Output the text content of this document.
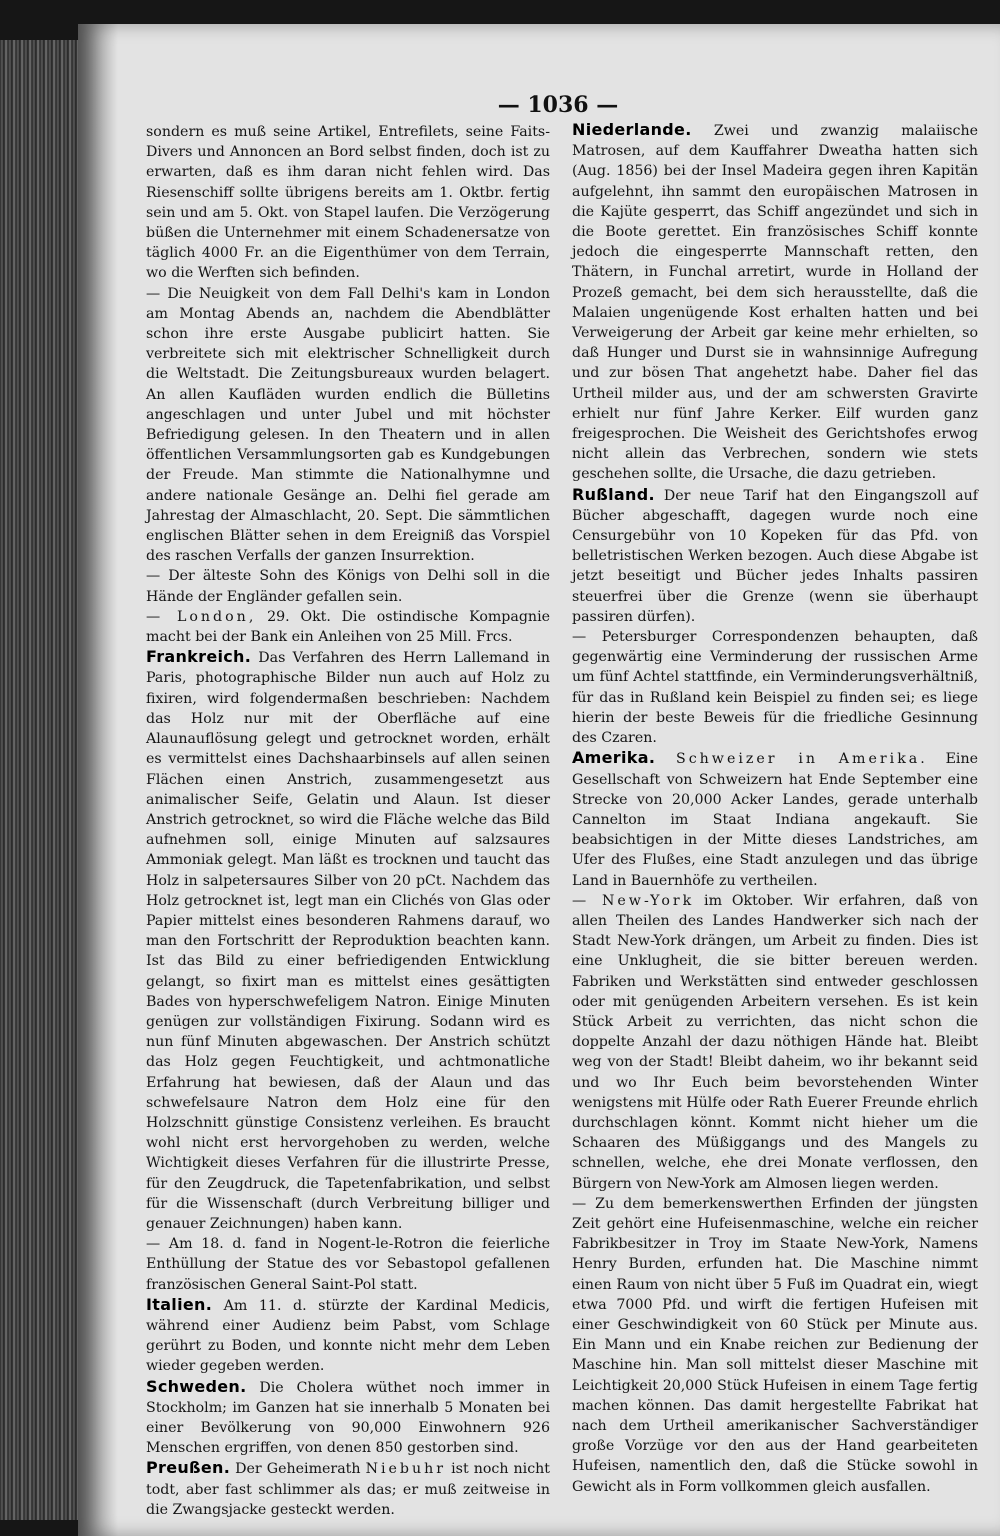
— 1036 —

sondern es muß seine Artikel, Entrefilets, seine Faits-Divers und Annoncen an Bord selbst finden, doch ist zu erwarten, daß es ihm daran nicht fehlen wird. Das Riesenschiff sollte übrigens bereits am 1. Oktbr. fertig sein und am 5. Okt. von Stapel laufen. Die Verzögerung büßen die Unternehmer mit einem Schadenersatze von täglich 4000 Fr. an die Eigenthümer von dem Terrain, wo die Werften sich befinden.

— Die Neuigkeit von dem Fall Delhi's kam in London am Montag Abends an, nachdem die Abendblätter schon ihre erste Ausgabe publicirt hatten. Sie verbreitete sich mit elektrischer Schnelligkeit durch die Weltstadt. Die Zeitungsbureaux wurden belagert. An allen Kaufläden wurden endlich die Bülletins angeschlagen und unter Jubel und mit höchster Befriedigung gelesen. In den Theatern und in allen öffentlichen Versammlungsorten gab es Kundgebungen der Freude. Man stimmte die Nationalhymne und andere nationale Gesänge an. Delhi fiel gerade am Jahrestag der Almaschlacht, 20. Sept. Die sämmtlichen englischen Blätter sehen in dem Ereigniß das Vorspiel des raschen Verfalls der ganzen Insurrektion.

— Der älteste Sohn des Königs von Delhi soll in die Hände der Engländer gefallen sein.

— London, 29. Okt. Die ostindische Kompagnie macht bei der Bank ein Anleihen von 25 Mill. Frcs.

Frankreich. Das Verfahren des Herrn Lallemand in Paris, photographische Bilder nun auch auf Holz zu fixiren, wird folgendermaßen beschrieben: Nachdem das Holz nur mit der Oberfläche auf eine Alaunauflösung gelegt und getrocknet worden, erhält es vermittelst eines Dachshaarbinsels auf allen seinen Flächen einen Anstrich, zusammengesetzt aus animalischer Seife, Gelatin und Alaun. Ist dieser Anstrich getrocknet, so wird die Fläche welche das Bild aufnehmen soll, einige Minuten auf salzsaures Ammoniak gelegt. Man läßt es trocknen und taucht das Holz in salpetersaures Silber von 20 pCt. Nachdem das Holz getrocknet ist, legt man ein Clichés von Glas oder Papier mittelst eines besonderen Rahmens darauf, wo man den Fortschritt der Reproduktion beachten kann. Ist das Bild zu einer befriedigenden Entwicklung gelangt, so fixirt man es mittelst eines gesättigten Bades von hyperschwefeligem Natron. Einige Minuten genügen zur vollständigen Fixirung. Sodann wird es nun fünf Minuten abgewaschen. Der Anstrich schützt das Holz gegen Feuchtigkeit, und achtmonatliche Erfahrung hat bewiesen, daß der Alaun und das schwefelsaure Natron dem Holz eine für den Holzschnitt günstige Consistenz verleihen. Es braucht wohl nicht erst hervorgehoben zu werden, welche Wichtigkeit dieses Verfahren für die illustrirte Presse, für den Zeugdruck, die Tapetenfabrikation, und selbst für die Wissenschaft (durch Verbreitung billiger und genauer Zeichnungen) haben kann.

— Am 18. d. fand in Nogent-le-Rotron die feierliche Enthüllung der Statue des vor Sebastopol gefallenen französischen General Saint-Pol statt.

Italien. Am 11. d. stürzte der Kardinal Medicis, während einer Audienz beim Pabst, vom Schlage gerührt zu Boden, und konnte nicht mehr dem Leben wieder gegeben werden.

Schweden. Die Cholera wüthet noch immer in Stockholm; im Ganzen hat sie innerhalb 5 Monaten bei einer Bevölkerung von 90,000 Einwohnern 926 Menschen ergriffen, von denen 850 gestorben sind.

Preußen. Der Geheimerath Niebuhr ist noch nicht todt, aber fast schlimmer als das; er muß zeitweise in die Zwangsjacke gesteckt werden.

Niederlande. Zwei und zwanzig malaiische Matrosen, auf dem Kauffahrer Dweatha hatten sich (Aug. 1856) bei der Insel Madeira gegen ihren Kapitän aufgelehnt, ihn sammt den europäischen Matrosen in die Kajüte gesperrt, das Schiff angezündet und sich in die Boote gerettet. Ein französisches Schiff konnte jedoch die eingesperrte Mannschaft retten, den Thätern, in Funchal arretirt, wurde in Holland der Prozeß gemacht, bei dem sich herausstellte, daß die Malaien ungenügende Kost erhalten hatten und bei Verweigerung der Arbeit gar keine mehr erhielten, so daß Hunger und Durst sie in wahnsinnige Aufregung und zur bösen That angehetzt habe. Daher fiel das Urtheil milder aus, und der am schwersten Gravirte erhielt nur fünf Jahre Kerker. Eilf wurden ganz freigesprochen. Die Weisheit des Gerichtshofes erwog nicht allein das Verbrechen, sondern wie stets geschehen sollte, die Ursache, die dazu getrieben.

Rußland. Der neue Tarif hat den Eingangszoll auf Bücher abgeschafft, dagegen wurde noch eine Censurgebühr von 10 Kopeken für das Pfd. von belletristischen Werken bezogen. Auch diese Abgabe ist jetzt beseitigt und Bücher jedes Inhalts passiren steuerfrei über die Grenze (wenn sie überhaupt passiren dürfen).

— Petersburger Correspondenzen behaupten, daß gegenwärtig eine Verminderung der russischen Arme um fünf Achtel stattfinde, ein Verminderungsverhältniß, für das in Rußland kein Beispiel zu finden sei; es liege hierin der beste Beweis für die friedliche Gesinnung des Czaren.

Amerika. Schweizer in Amerika. Eine Gesellschaft von Schweizern hat Ende September eine Strecke von 20,000 Acker Landes, gerade unterhalb Cannelton im Staat Indiana angekauft. Sie beabsichtigen in der Mitte dieses Landstriches, am Ufer des Flußes, eine Stadt anzulegen und das übrige Land in Bauernhöfe zu vertheilen.

— New-York im Oktober. Wir erfahren, daß von allen Theilen des Landes Handwerker sich nach der Stadt New-York drängen, um Arbeit zu finden. Dies ist eine Unklugheit, die sie bitter bereuen werden. Fabriken und Werkstätten sind entweder geschlossen oder mit genügenden Arbeitern versehen. Es ist kein Stück Arbeit zu verrichten, das nicht schon die doppelte Anzahl der dazu nöthigen Hände hat. Bleibt weg von der Stadt! Bleibt daheim, wo ihr bekannt seid und wo Ihr Euch beim bevorstehenden Winter wenigstens mit Hülfe oder Rath Euerer Freunde ehrlich durchschlagen könnt. Kommt nicht hieher um die Schaaren des Müßiggangs und des Mangels zu schnellen, welche, ehe drei Monate verflossen, den Bürgern von New-York am Almosen liegen werden.

— Zu dem bemerkenswerthen Erfinden der jüngsten Zeit gehört eine Hufeisenmaschine, welche ein reicher Fabrikbesitzer in Troy im Staate New-York, Namens Henry Burden, erfunden hat. Die Maschine nimmt einen Raum von nicht über 5 Fuß im Quadrat ein, wiegt etwa 7000 Pfd. und wirft die fertigen Hufeisen mit einer Geschwindigkeit von 60 Stück per Minute aus. Ein Mann und ein Knabe reichen zur Bedienung der Maschine hin. Man soll mittelst dieser Maschine mit Leichtigkeit 20,000 Stück Hufeisen in einem Tage fertig machen können. Das damit hergestellte Fabrikat hat nach dem Urtheil amerikanischer Sachverständiger große Vorzüge vor den aus der Hand gearbeiteten Hufeisen, namentlich den, daß die Stücke sowohl in Gewicht als in Form vollkommen gleich ausfallen.
